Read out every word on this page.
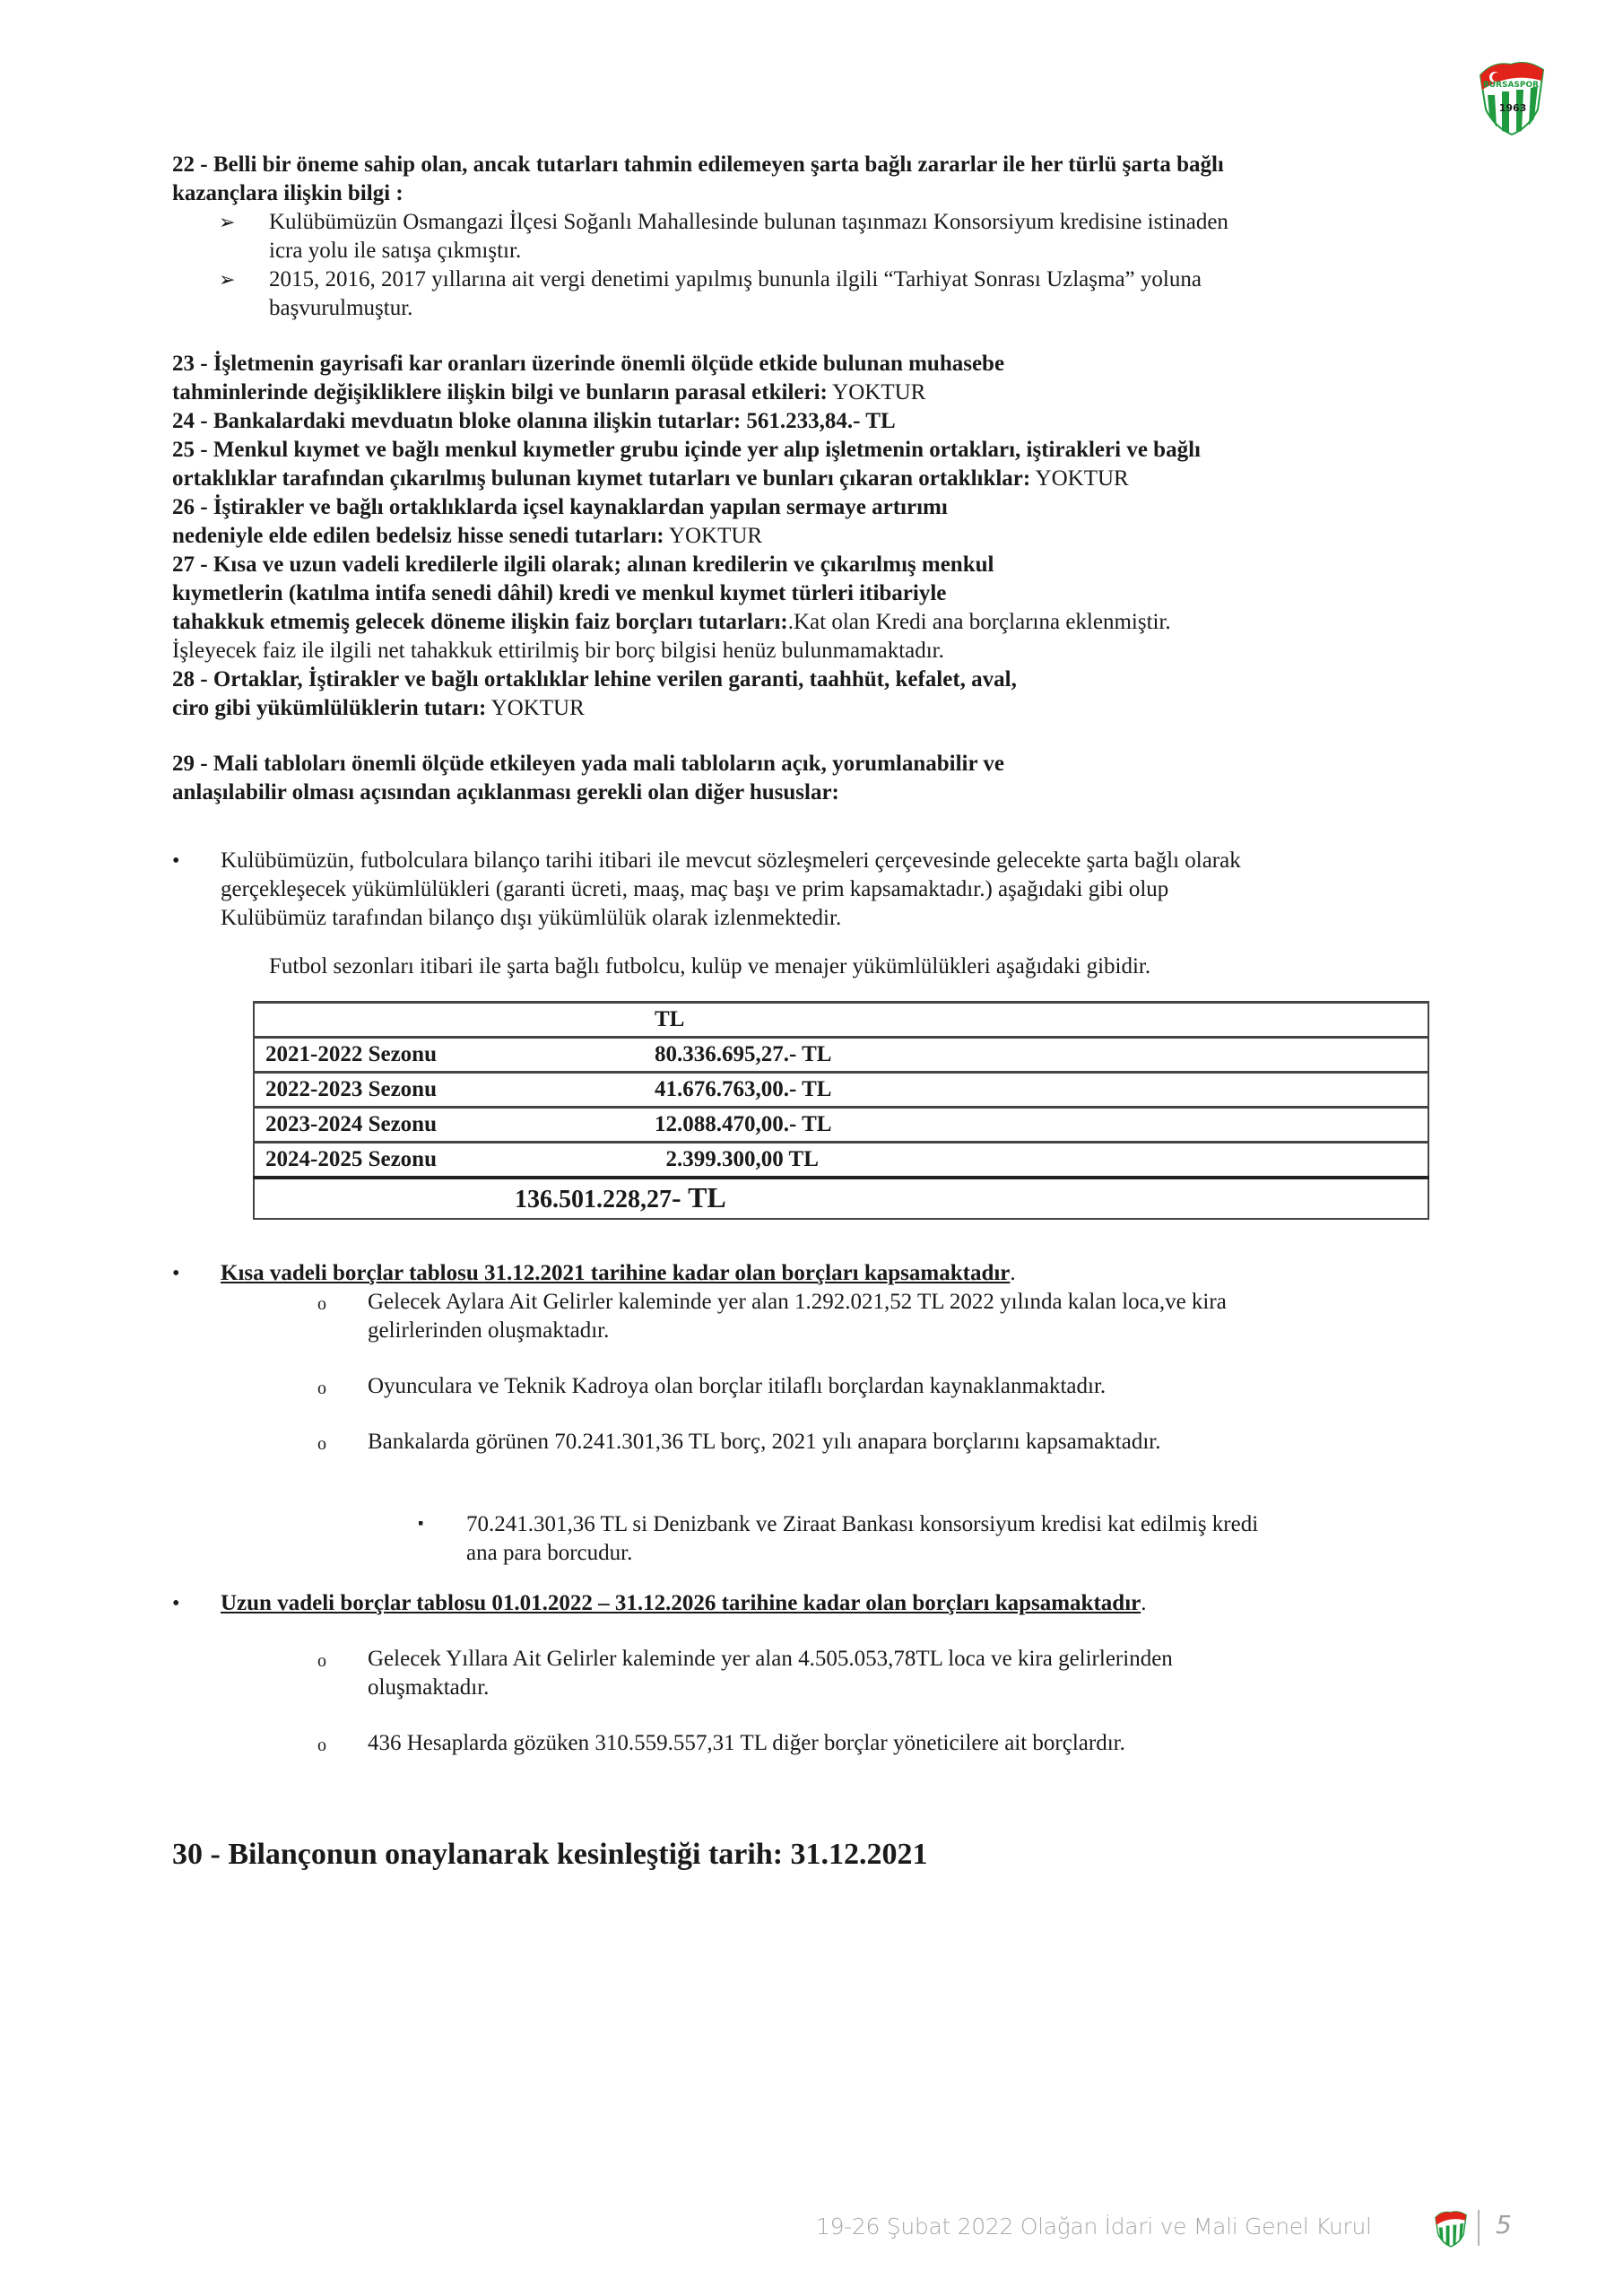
BURSASPOR
1963
22 - Belli bir öneme sahip olan, ancak tutarları tahmin edilemeyen şarta bağlı zararlar ile her türlü şarta bağlı
kazançlara ilişkin bilgi :
➢ Kulübümüzün Osmangazi İlçesi Soğanlı Mahallesinde bulunan taşınmazı Konsorsiyum kredisine istinaden
icra yolu ile satışa çıkmıştır.
➢ 2015, 2016, 2017 yıllarına ait vergi denetimi yapılmış bununla ilgili “Tarhiyat Sonrası Uzlaşma” yoluna
başvurulmuştur.
23 - İşletmenin gayrisafi kar oranları üzerinde önemli ölçüde etkide bulunan muhasebe
tahminlerinde değişikliklere ilişkin bilgi ve bunların parasal etkileri: YOKTUR
24 - Bankalardaki mevduatın bloke olanına ilişkin tutarlar: 561.233,84.- TL
25 - Menkul kıymet ve bağlı menkul kıymetler grubu içinde yer alıp işletmenin ortakları, iştirakleri ve bağlı
ortaklıklar tarafından çıkarılmış bulunan kıymet tutarları ve bunları çıkaran ortaklıklar: YOKTUR
26 - İştirakler ve bağlı ortaklıklarda içsel kaynaklardan yapılan sermaye artırımı
nedeniyle elde edilen bedelsiz hisse senedi tutarları: YOKTUR
27 - Kısa ve uzun vadeli kredilerle ilgili olarak; alınan kredilerin ve çıkarılmış menkul
kıymetlerin (katılma intifa senedi dâhil) kredi ve menkul kıymet türleri itibariyle
tahakkuk etmemiş gelecek döneme ilişkin faiz borçları tutarları:.Kat olan Kredi ana borçlarına eklenmiştir.
İşleyecek faiz ile ilgili net tahakkuk ettirilmiş bir borç bilgisi henüz bulunmamaktadır.
28 - Ortaklar, İştirakler ve bağlı ortaklıklar lehine verilen garanti, taahhüt, kefalet, aval,
ciro gibi yükümlülüklerin tutarı: YOKTUR
29 - Mali tabloları önemli ölçüde etkileyen yada mali tabloların açık, yorumlanabilir ve
anlaşılabilir olması açısından açıklanması gerekli olan diğer hususlar:
• Kulübümüzün, futbolculara bilanço tarihi itibari ile mevcut sözleşmeleri çerçevesinde gelecekte şarta bağlı olarak
gerçekleşecek yükümlülükleri (garanti ücreti, maaş, maç başı ve prim kapsamaktadır.) aşağıdaki gibi olup
Kulübümüz tarafından bilanço dışı yükümlülük olarak izlenmektedir.
Futbol sezonları itibari ile şarta bağlı futbolcu, kulüp ve menajer yükümlülükleri aşağıdaki gibidir.
	TL
2021-2022 Sezonu	80.336.695,27.- TL
2022-2023 Sezonu	41.676.763,00.- TL
2023-2024 Sezonu	12.088.470,00.- TL
2024-2025 Sezonu	2.399.300,00 TL
136.501.228,27- TL	
• Kısa vadeli borçlar tablosu 31.12.2021 tarihine kadar olan borçları kapsamaktadır.
o Gelecek Aylara Ait Gelirler kaleminde yer alan 1.292.021,52 TL 2022 yılında kalan loca,ve kira
gelirlerinden oluşmaktadır.
o Oyunculara ve Teknik Kadroya olan borçlar itilaflı borçlardan kaynaklanmaktadır.
o Bankalarda görünen 70.241.301,36 TL borç, 2021 yılı anapara borçlarını kapsamaktadır.
▪ 70.241.301,36 TL si Denizbank ve Ziraat Bankası konsorsiyum kredisi kat edilmiş kredi
ana para borcudur.
• Uzun vadeli borçlar tablosu 01.01.2022 – 31.12.2026 tarihine kadar olan borçları kapsamaktadır.
o Gelecek Yıllara Ait Gelirler kaleminde yer alan 4.505.053,78TL loca ve kira gelirlerinden
oluşmaktadır.
o 436 Hesaplarda gözüken 310.559.557,31 TL diğer borçlar yöneticilere ait borçlardır.
30 - Bilançonun onaylanarak kesinleştiği tarih: 31.12.2021
19-26 Şubat 2022 Olağan İdari ve Mali Genel Kurul	5
